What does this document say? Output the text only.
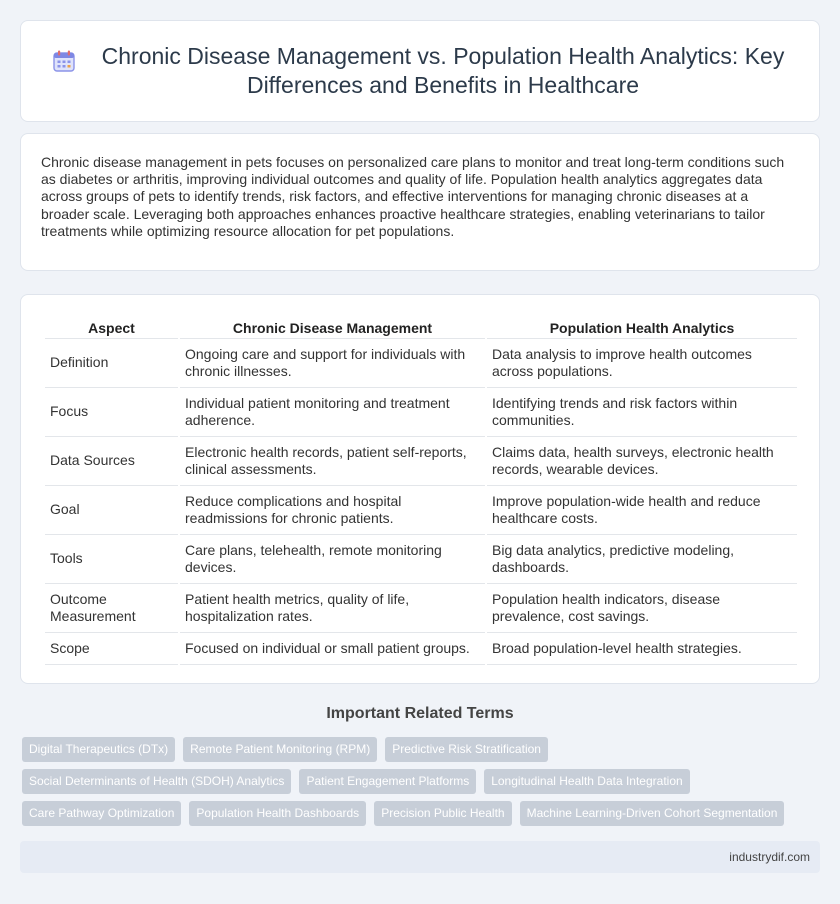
Chronic Disease Management vs. Population Health Analytics: Key Differences and Benefits in Healthcare

Chronic disease management in pets focuses on personalized care plans to monitor and treat long-term conditions such as diabetes or arthritis, improving individual outcomes and quality of life. Population health analytics aggregates data across groups of pets to identify trends, risk factors, and effective interventions for managing chronic diseases at a broader scale. Leveraging both approaches enhances proactive healthcare strategies, enabling veterinarians to tailor treatments while optimizing resource allocation for pet populations.

Aspect	Chronic Disease Management	Population Health Analytics
Definition	Ongoing care and support for individuals with chronic illnesses.	Data analysis to improve health outcomes across populations.
Focus	Individual patient monitoring and treatment adherence.	Identifying trends and risk factors within communities.
Data Sources	Electronic health records, patient self-reports, clinical assessments.	Claims data, health surveys, electronic health records, wearable devices.
Goal	Reduce complications and hospital readmissions for chronic patients.	Improve population-wide health and reduce healthcare costs.
Tools	Care plans, telehealth, remote monitoring devices.	Big data analytics, predictive modeling, dashboards.
Outcome Measurement	Patient health metrics, quality of life, hospitalization rates.	Population health indicators, disease prevalence, cost savings.
Scope	Focused on individual or small patient groups.	Broad population-level health strategies.
Important Related Terms
Digital Therapeutics (DTx)	Remote Patient Monitoring (RPM)	Predictive Risk Stratification
Social Determinants of Health (SDOH) Analytics	Patient Engagement Platforms	Longitudinal Health Data Integration
Care Pathway Optimization	Population Health Dashboards	Precision Public Health	Machine Learning-Driven Cohort Segmentation
industrydif.com
